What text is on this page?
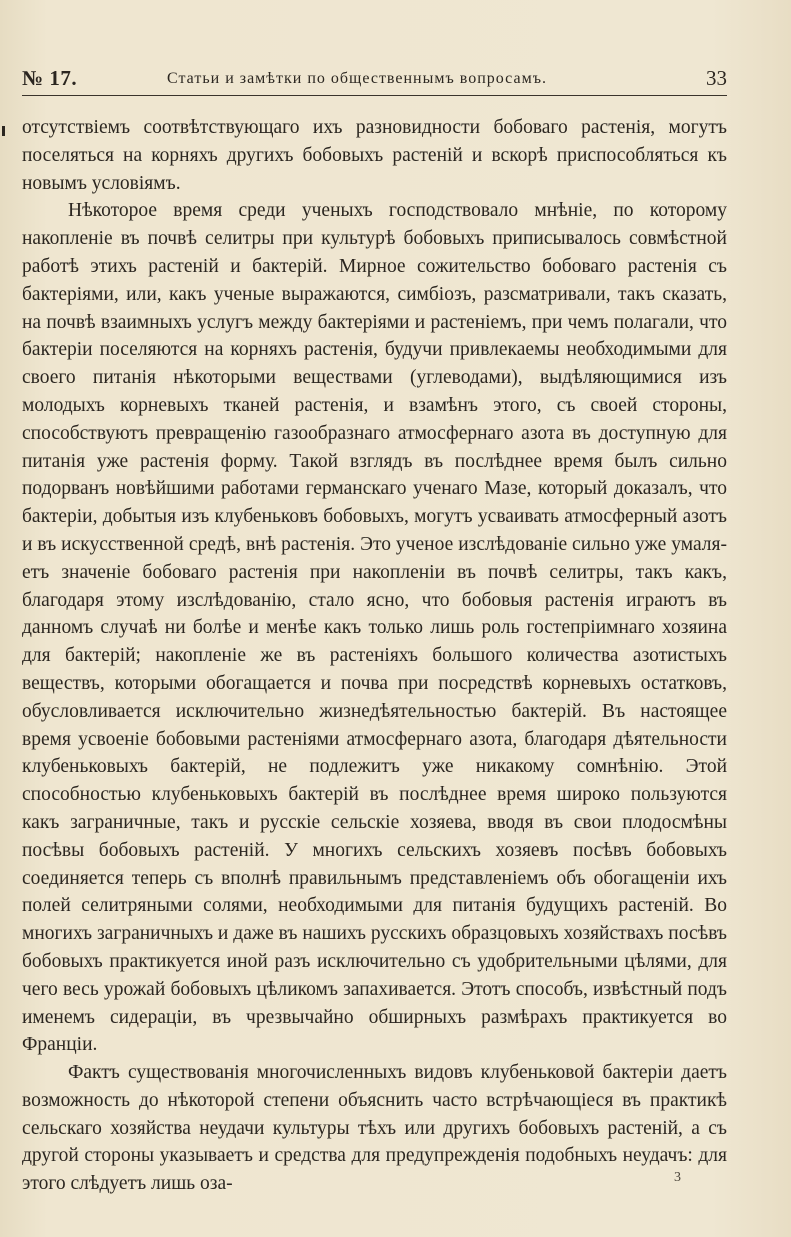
№ 17.	Статьи и замѣтки по общественнымъ вопросамъ.	33

отсутствіемъ соотвѣтствующаго ихъ разновидности бобоваго растенія, могутъ поселяться на корняхъ другихъ бобовыхъ растеній и вскорѣ приспособляться къ новымъ условіямъ.

Нѣкоторое время среди ученыхъ господствовало мнѣніе, по которому накопленіе въ почвѣ селитры при культурѣ бобовыхъ приписывалось совмѣстной работѣ этихъ растеній и бактерій. Мирное сожительство бобоваго растенія съ бактеріями, или, какъ ученые выражаются, симбіозъ, разсматривали, такъ сказать, на почвѣ взаимныхъ услугъ между бактеріями и растеніемъ, при чемъ полагали, что бактеріи поселяются на корняхъ растенія, будучи привлекаемы необходимыми для своего питанія нѣкоторыми веществами (углеводами), выдѣляющимися изъ молодыхъ корневыхъ тканей растенія, и взамѣнъ этого, съ своей стороны, способствуютъ превращенію газообразнаго атмосфернаго азота въ доступную для питанія уже растенія форму. Такой взглядъ въ послѣднее время былъ сильно подорванъ новѣйшими работами германскаго ученаго Мазе, который доказалъ, что бактеріи, добытыя изъ клубеньковъ бобовыхъ, могутъ усваивать атмосферный азотъ и въ искусственной средѣ, внѣ растенія. Это ученое изслѣдованіе сильно уже умаляетъ значеніе бобоваго растенія при накопленіи въ почвѣ селитры, такъ какъ, благодаря этому изслѣдованію, стало ясно, что бобовыя растенія играютъ въ данномъ случаѣ ни болѣе и менѣе какъ только лишь роль гостепріимнаго хозяина для бактерій; накопленіе же въ растеніяхъ большого количества азотистыхъ веществъ, которыми обогащается и почва при посредствѣ корневыхъ остатковъ, обусловливается исключительно жизнедѣятельностью бактерій. Въ настоящее время усвоеніе бобовыми растеніями атмосфернаго азота, благодаря дѣятельности клубеньковыхъ бактерій, не подлежитъ уже никакому сомнѣнію. Этой способностью клубеньковыхъ бактерій въ послѣднее время широко пользуются какъ заграничные, такъ и русскіе сельскіе хозяева, вводя въ свои плодосмѣны посѣвы бобовыхъ растеній. У многихъ сельскихъ хозяевъ посѣвъ бобовыхъ соединяется теперь съ вполнѣ правильнымъ представленіемъ объ обогащеніи ихъ полей селитряными солями, необходимыми для питанія будущихъ растеній. Во многихъ заграничныхъ и даже въ нашихъ русскихъ образцовыхъ хозяйствахъ посѣвъ бобовыхъ практикуется иной разъ исключительно съ удобрительными цѣлями, для чего весь урожай бобовыхъ цѣликомъ запахивается. Этотъ способъ, извѣстный подъ именемъ сидераціи, въ чрезвычайно обширныхъ размѣрахъ практикуется во Франціи.

Фактъ существованія многочисленныхъ видовъ клубеньковой бактеріи даетъ возможность до нѣкоторой степени объяснить часто встрѣчающіеся въ практикѣ сельскаго хозяйства неудачи культуры тѣхъ или другихъ бобовыхъ растеній, а съ другой стороны указываетъ и средства для предупрежденія подобныхъ неудачъ: для этого слѣдуетъ лишь оза-	3
